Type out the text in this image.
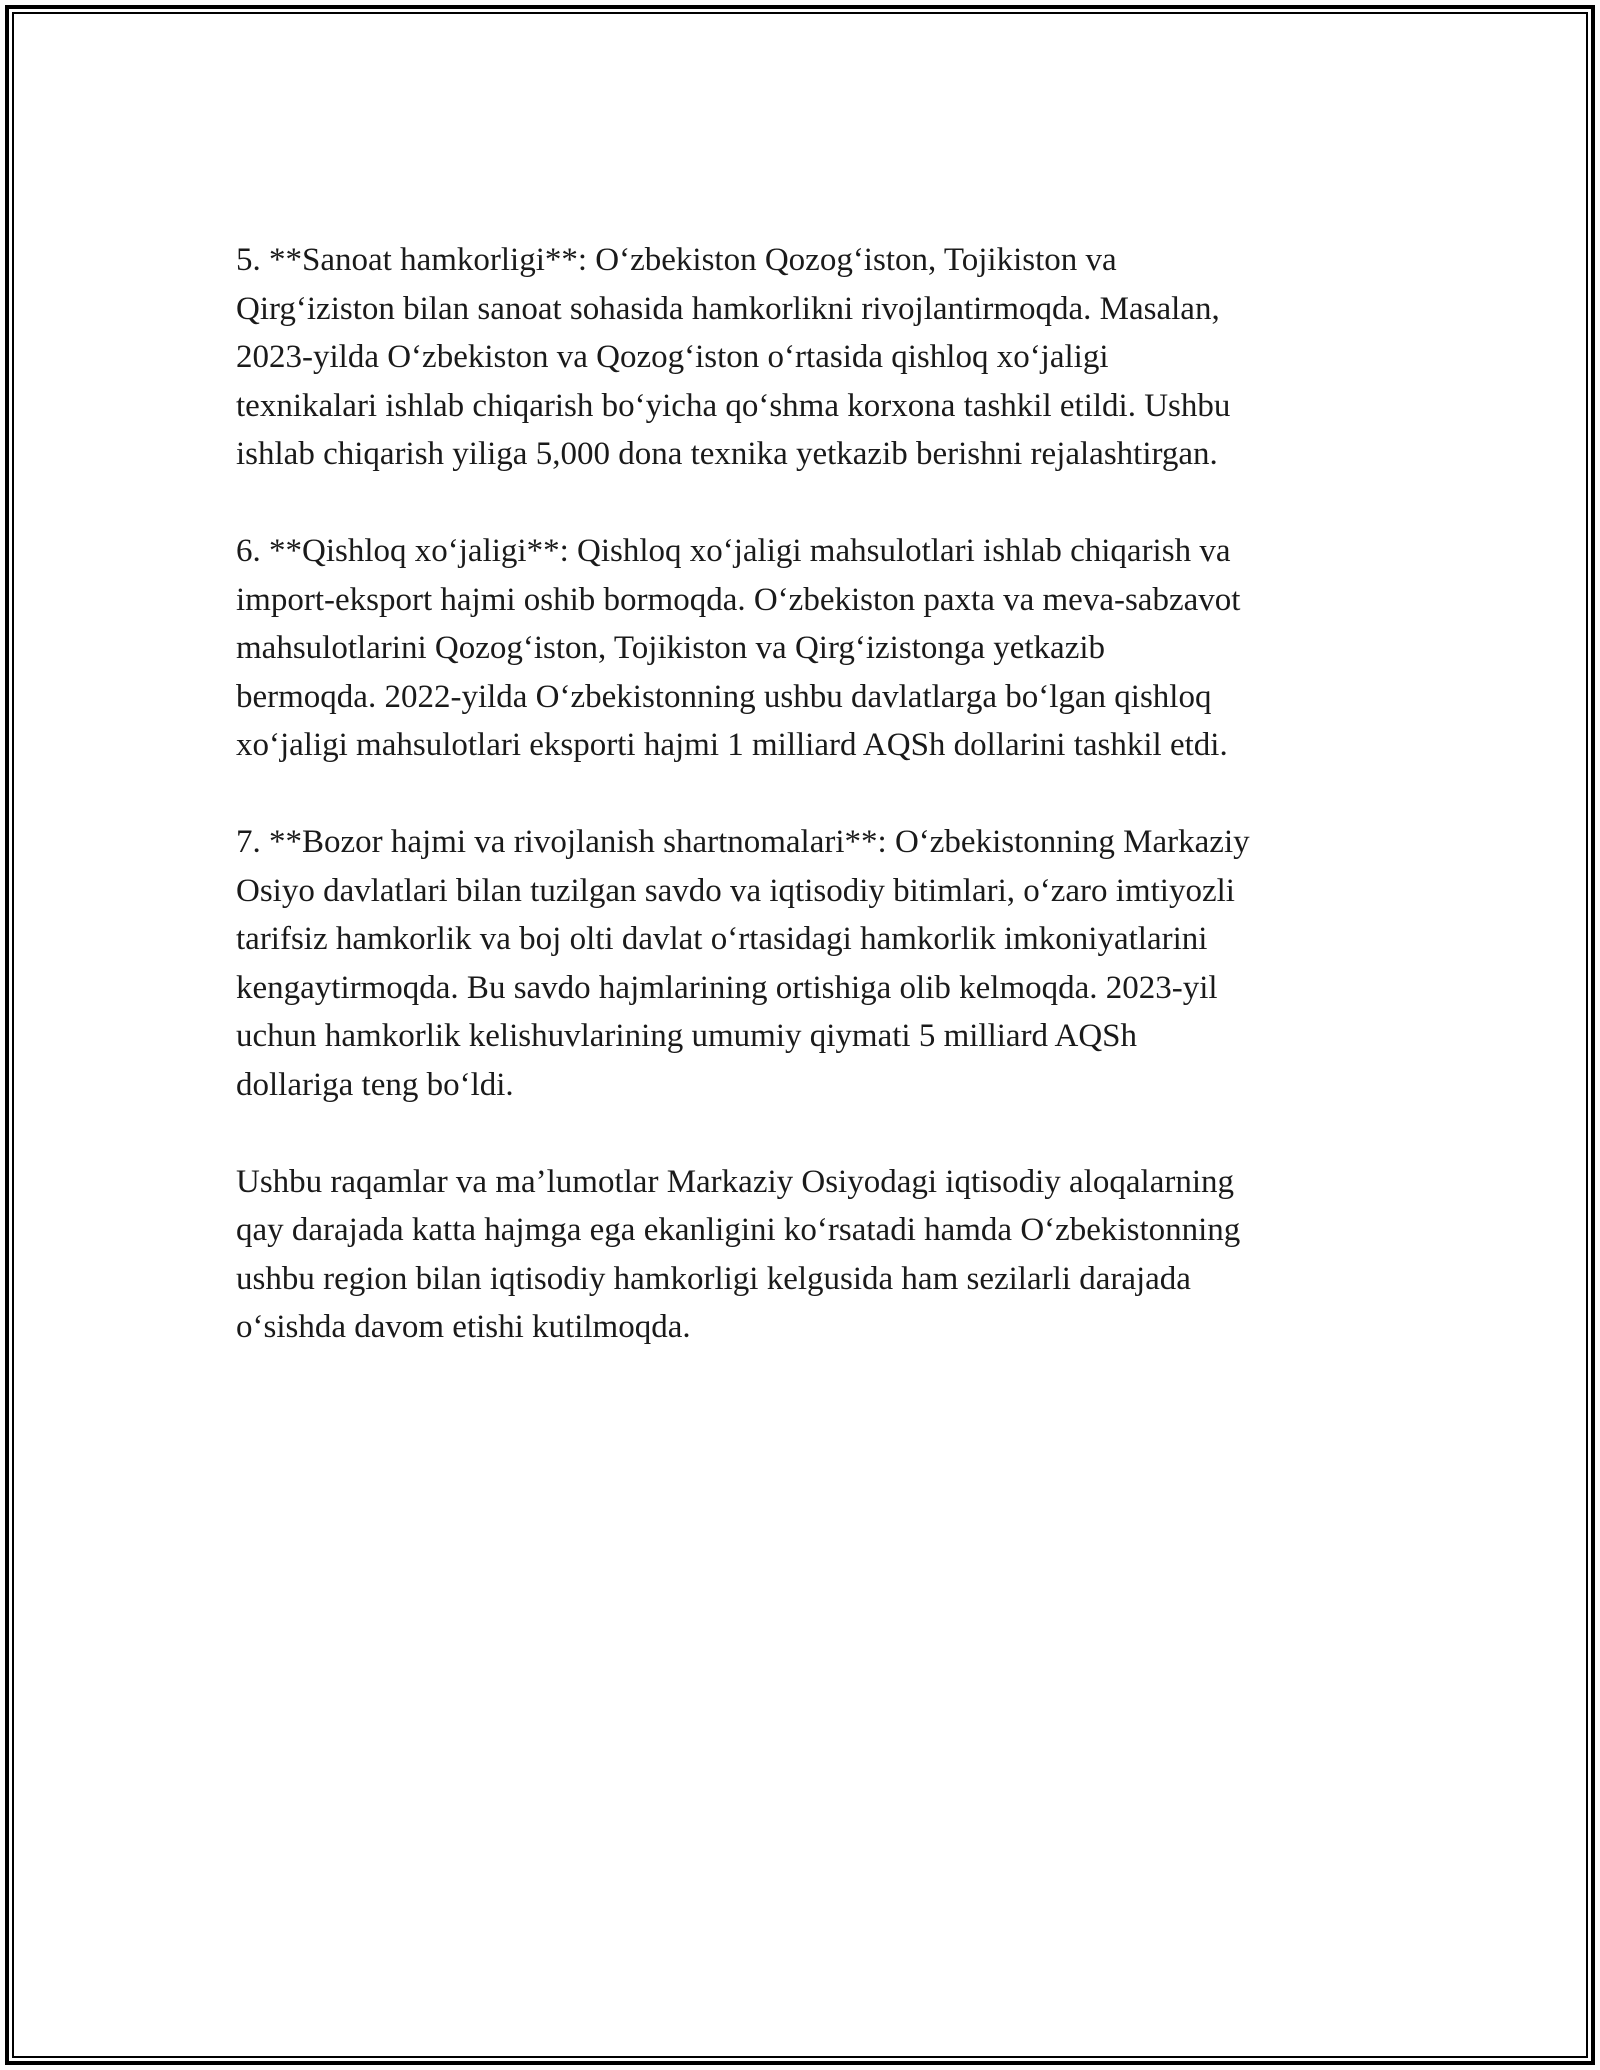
5. **Sanoat hamkorligi**: O‘zbekiston Qozog‘iston, Tojikiston va
Qirg‘iziston bilan sanoat sohasida hamkorlikni rivojlantirmoqda. Masalan,
2023-yilda O‘zbekiston va Qozog‘iston o‘rtasida qishloq xo‘jaligi
texnikalari ishlab chiqarish bo‘yicha qo‘shma korxona tashkil etildi. Ushbu
ishlab chiqarish yiliga 5,000 dona texnika yetkazib berishni rejalashtirgan.

6. **Qishloq xo‘jaligi**: Qishloq xo‘jaligi mahsulotlari ishlab chiqarish va
import-eksport hajmi oshib bormoqda. O‘zbekiston paxta va meva-sabzavot
mahsulotlarini Qozog‘iston, Tojikiston va Qirg‘izistonga yetkazib
bermoqda. 2022-yilda O‘zbekistonning ushbu davlatlarga bo‘lgan qishloq
xo‘jaligi mahsulotlari eksporti hajmi 1 milliard AQSh dollarini tashkil etdi.

7. **Bozor hajmi va rivojlanish shartnomalari**: O‘zbekistonning Markaziy
Osiyo davlatlari bilan tuzilgan savdo va iqtisodiy bitimlari, o‘zaro imtiyozli
tarifsiz hamkorlik va boj olti davlat o‘rtasidagi hamkorlik imkoniyatlarini
kengaytirmoqda. Bu savdo hajmlarining ortishiga olib kelmoqda. 2023-yil
uchun hamkorlik kelishuvlarining umumiy qiymati 5 milliard AQSh
dollariga teng bo‘ldi.

Ushbu raqamlar va ma’lumotlar Markaziy Osiyodagi iqtisodiy aloqalarning
qay darajada katta hajmga ega ekanligini ko‘rsatadi hamda O‘zbekistonning
ushbu region bilan iqtisodiy hamkorligi kelgusida ham sezilarli darajada
o‘sishda davom etishi kutilmoqda.
